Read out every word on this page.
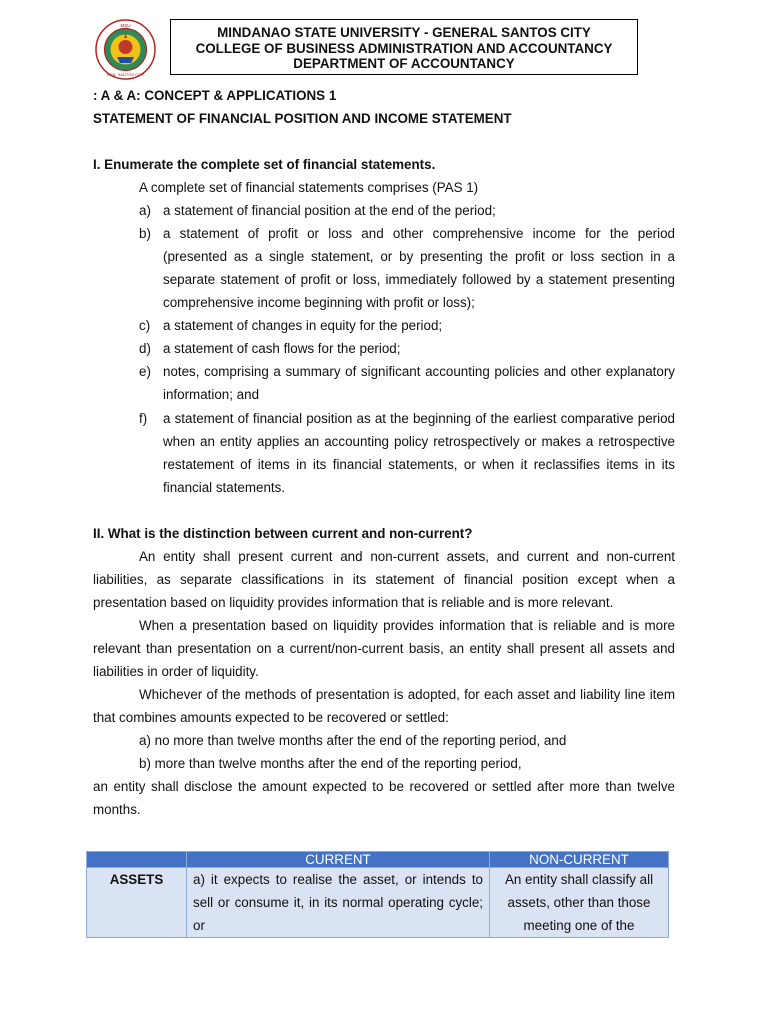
MSU
GEN. SANTOS CITY
MINDANAO STATE UNIVERSITY - GENERAL SANTOS CITY
COLLEGE OF BUSINESS ADMINISTRATION AND ACCOUNTANCY
DEPARTMENT OF ACCOUNTANCY
: A & A: CONCEPT & APPLICATIONS 1
STATEMENT OF FINANCIAL POSITION AND INCOME STATEMENT
I. Enumerate the complete set of financial statements.
A complete set of financial statements comprises (PAS 1)
a) a statement of financial position at the end of the period;
b) a statement of profit or loss and other comprehensive income for the period (presented as a single statement, or by presenting the profit or loss section in a separate statement of profit or loss, immediately followed by a statement presenting comprehensive income beginning with profit or loss);
c) a statement of changes in equity for the period;
d) a statement of cash flows for the period;
e) notes, comprising a summary of significant accounting policies and other explanatory information; and
f) a statement of financial position as at the beginning of the earliest comparative period when an entity applies an accounting policy retrospectively or makes a retrospective restatement of items in its financial statements, or when it reclassifies items in its financial statements.
II. What is the distinction between current and non-current?
An entity shall present current and non-current assets, and current and non-current liabilities, as separate classifications in its statement of financial position except when a presentation based on liquidity provides information that is reliable and is more relevant.
When a presentation based on liquidity provides information that is reliable and is more relevant than presentation on a current/non-current basis, an entity shall present all assets and liabilities in order of liquidity.
Whichever of the methods of presentation is adopted, for each asset and liability line item that combines amounts expected to be recovered or settled:
a) no more than twelve months after the end of the reporting period, and
b) more than twelve months after the end of the reporting period,
an entity shall disclose the amount expected to be recovered or settled after more than twelve months.
	CURRENT	NON-CURRENT
ASSETS	a) it expects to realise the asset, or intends to sell or consume it, in its normal operating cycle; or	An entity shall classify all assets, other than those meeting one of the
